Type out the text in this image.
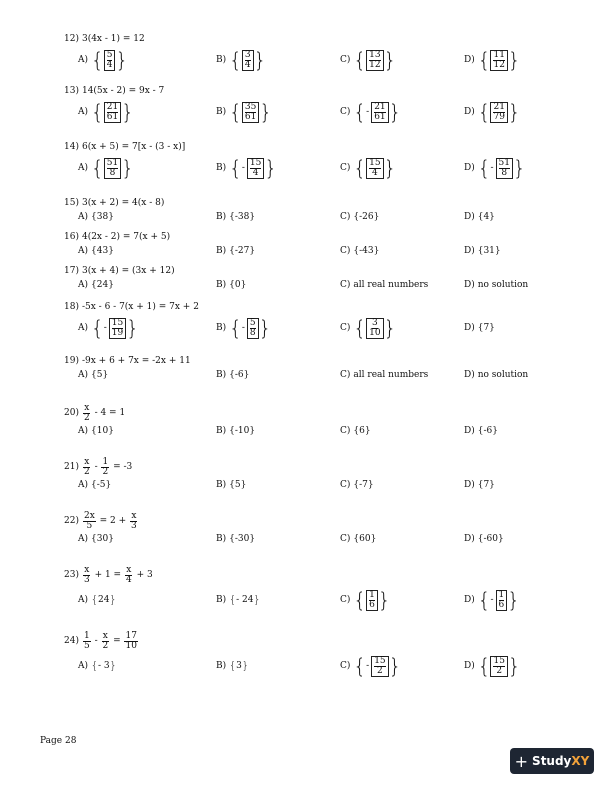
12) 3(4x - 1) = 12
A) { $\frac{5}{4}$ }	B) { $\frac{3}{4}$ }	C) { $\frac{13}{12}$ }	D) { $\frac{11}{12}$ }
13) 14(5x - 2) = 9x - 7
A) { $\frac{21}{61}$ }	B) { $\frac{35}{61}$ }	C) { - $\frac{21}{61}$ }	D) { $\frac{21}{79}$ }
14) 6(x + 5) = 7[x - (3 - x)]
A) { $\frac{51}{8}$ }	B) { - $\frac{15}{4}$ }	C) { $\frac{15}{4}$ }	D) { - $\frac{51}{8}$ }
15) 3(x + 2) = 4(x - 8)
A) {38}	B) {-38}	C) {-26}	D) {4}
16) 4(2x - 2) = 7(x + 5)
A) {43}	B) {-27}	C) {-43}	D) {31}
17) 3(x + 4) = (3x + 12)
A) {24}	B) {0}	C) all real numbers	D) no solution
18) -5x - 6 - 7(x + 1) = 7x + 2
A) { - $\frac{15}{19}$ }	B) { - $\frac{5}{8}$ }	C) { $\frac{3}{10}$ }	D) {7}
19) -9x + 6 + 7x = -2x + 11
A) {5}	B) {-6}	C) all real numbers	D) no solution
$20) \frac{x}{2} - 4 = 1$
A) {10}	B) {-10}	C) {6}	D) {-6}
$21) \frac{x}{2} - \frac{1}{2} = -3$
A) {-5}	B) {5}	C) {-7}	D) {7}
$22) \frac{2x}{5} = 2 + \frac{x}{3}$
A) {30}	B) {-30}	C) {60}	D) {-60}
$23) \frac{x}{3} + 1 = \frac{x}{4} + 3$
A) { 24 }	B) { - 24 }	C) { $\frac{1}{6}$ }	D) { - $\frac{1}{6}$ }
$24) \frac{1}{5} - \frac{x}{2} = \frac{17}{10}$
A) { - 3 }	B) { 3 }	C) { - $\frac{15}{2}$ }	D) { $\frac{15}{2}$ }
Page 28
+ Study XY
